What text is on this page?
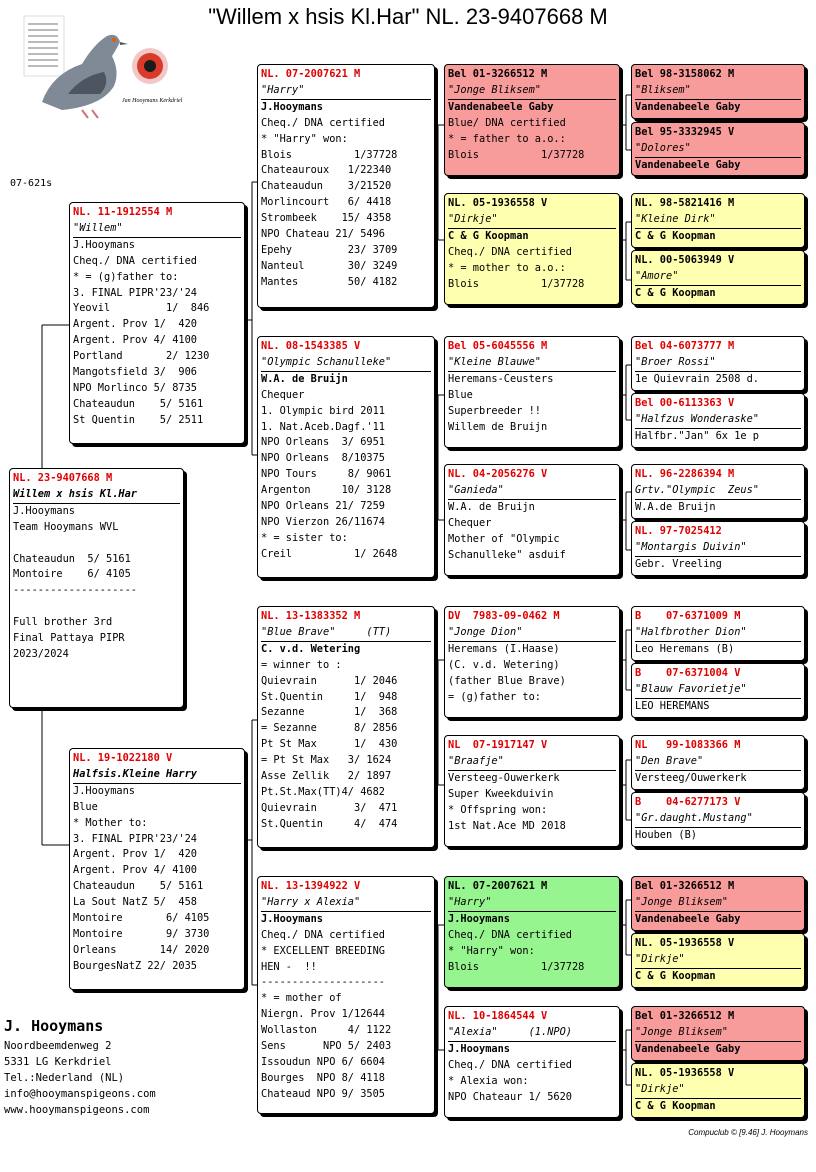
"Willem x hsis Kl.Har" NL. 23-9407668 M
Jan Hooymans Kerkdriel
07-621s
NL. 23-9407668 M
Willem x hsis Kl.Har
J.Hooymans
Team Hooymans WVL

Chateaudun  5/ 5161
Montoire    6/ 4105
--------------------

Full brother 3rd
Final Pattaya PIPR
2023/2024
NL. 11-1912554 M
"Willem"
J.Hooymans
Cheq./ DNA certified
* = (g)father to:
3. FINAL PIPR'23/'24
Yeovil         1/  846
Argent. Prov 1/  420
Argent. Prov 4/ 4100
Portland       2/ 1230
Mangotsfield 3/  906
NPO Morlinco 5/ 8735
Chateaudun    5/ 5161
St Quentin    5/ 2511
NL. 19-1022180 V
Halfsis.Kleine Harry
J.Hooymans
Blue
* Mother to:
3. FINAL PIPR'23/'24
Argent. Prov 1/  420
Argent. Prov 4/ 4100
Chateaudun    5/ 5161
La Sout NatZ 5/  458
Montoire       6/ 4105
Montoire       9/ 3730
Orleans       14/ 2020
BourgesNatZ 22/ 2035
NL. 07-2007621 M
"Harry"
J.Hooymans
Cheq./ DNA certified
* "Harry" won:
Blois          1/37728
Chateauroux   1/22340
Chateaudun    3/21520
Morlincourt   6/ 4418
Strombeek    15/ 4358
NPO Chateau 21/ 5496
Epehy         23/ 3709
Nanteul       30/ 3249
Mantes        50/ 4182
NL. 08-1543385 V
"Olympic Schanulleke"
W.A. de Bruijn
Chequer
1. Olympic bird 2011
1. Nat.Aceb.Dagf.'11
NPO Orleans  3/ 6951
NPO Orleans  8/10375
NPO Tours     8/ 9061
Argenton     10/ 3128
NPO Orleans 21/ 7259
NPO Vierzon 26/11674
* = sister to:
Creil          1/ 2648
NL. 13-1383352 M
"Blue Brave"     (TT)
C. v.d. Wetering
= winner to :
Quievrain      1/ 2046
St.Quentin     1/  948
Sezanne        1/  368
= Sezanne      8/ 2856
Pt St Max      1/  430
= Pt St Max   3/ 1624
Asse Zellik   2/ 1897
Pt.St.Max(TT)4/ 4682
Quievrain      3/  471
St.Quentin     4/  474
NL. 13-1394922 V
"Harry x Alexia"
J.Hooymans
Cheq./ DNA certified
* EXCELLENT BREEDING
HEN -  !!
--------------------
* = mother of
Niergn. Prov 1/12644
Wollaston     4/ 1122
Sens      NPO 5/ 2403
Issoudun NPO 6/ 6604
Bourges  NPO 8/ 4118
Chateaud NPO 9/ 3505
Bel 01-3266512 M
"Jonge Bliksem"
Vandenabeele Gaby
Blue/ DNA certified
* = father to a.o.:
Blois          1/37728
NL. 05-1936558 V
"Dirkje"
C & G Koopman
Cheq./ DNA certified
* = mother to a.o.:
Blois          1/37728
Bel 05-6045556 M
"Kleine Blauwe"
Heremans-Ceusters
Blue
Superbreeder !!
Willem de Bruijn
NL. 04-2056276 V
"Ganieda"
W.A. de Bruijn
Chequer
Mother of "Olympic
Schanulleke" asduif
DV  7983-09-0462 M
"Jonge Dion"
Heremans (I.Haase)
(C. v.d. Wetering)
(father Blue Brave)
= (g)father to:
NL  07-1917147 V
"Braafje"
Versteeg-Ouwerkerk
Super Kweekduivin
* Offspring won:
1st Nat.Ace MD 2018
NL. 07-2007621 M
"Harry"
J.Hooymans
Cheq./ DNA certified
* "Harry" won:
Blois          1/37728
NL. 10-1864544 V
"Alexia"     (1.NPO)
J.Hooymans
Cheq./ DNA certified
* Alexia won:
NPO Chateaur 1/ 5620
Bel 98-3158062 M
"Bliksem"
Vandenabeele Gaby
Bel 95-3332945 V
"Dolores"
Vandenabeele Gaby
NL. 98-5821416 M
"Kleine Dirk"
C & G Koopman
NL. 00-5063949 V
"Amore"
C & G Koopman
Bel 04-6073777 M
"Broer Rossi"
1e Quievrain 2508 d.
Bel 00-6113363 V
"Halfzus Wonderaske"
Halfbr."Jan" 6x 1e p
NL. 96-2286394 M
Grtv."Olympic  Zeus"
W.A.de Bruijn
NL. 97-7025412
"Montargis Duivin"
Gebr. Vreeling
B    07-6371009 M
"Halfbrother Dion"
Leo Heremans (B)
B    07-6371004 V
"Blauw Favorietje"
LEO HEREMANS
NL   99-1083366 M
"Den Brave"
Versteeg/Ouwerkerk
B    04-6277173 V
"Gr.daught.Mustang"
Houben (B)
Bel 01-3266512 M
"Jonge Bliksem"
Vandenabeele Gaby
NL. 05-1936558 V
"Dirkje"
C & G Koopman
Bel 01-3266512 M
"Jonge Bliksem"
Vandenabeele Gaby
NL. 05-1936558 V
"Dirkje"
C & G Koopman
J. Hooymans
Noordbeemdenweg 2
5331 LG Kerkdriel
Tel.:Nederland (NL)
info@hooymanspigeons.com
www.hooymanspigeons.com
Compuclub © [9.46] J. Hooymans
